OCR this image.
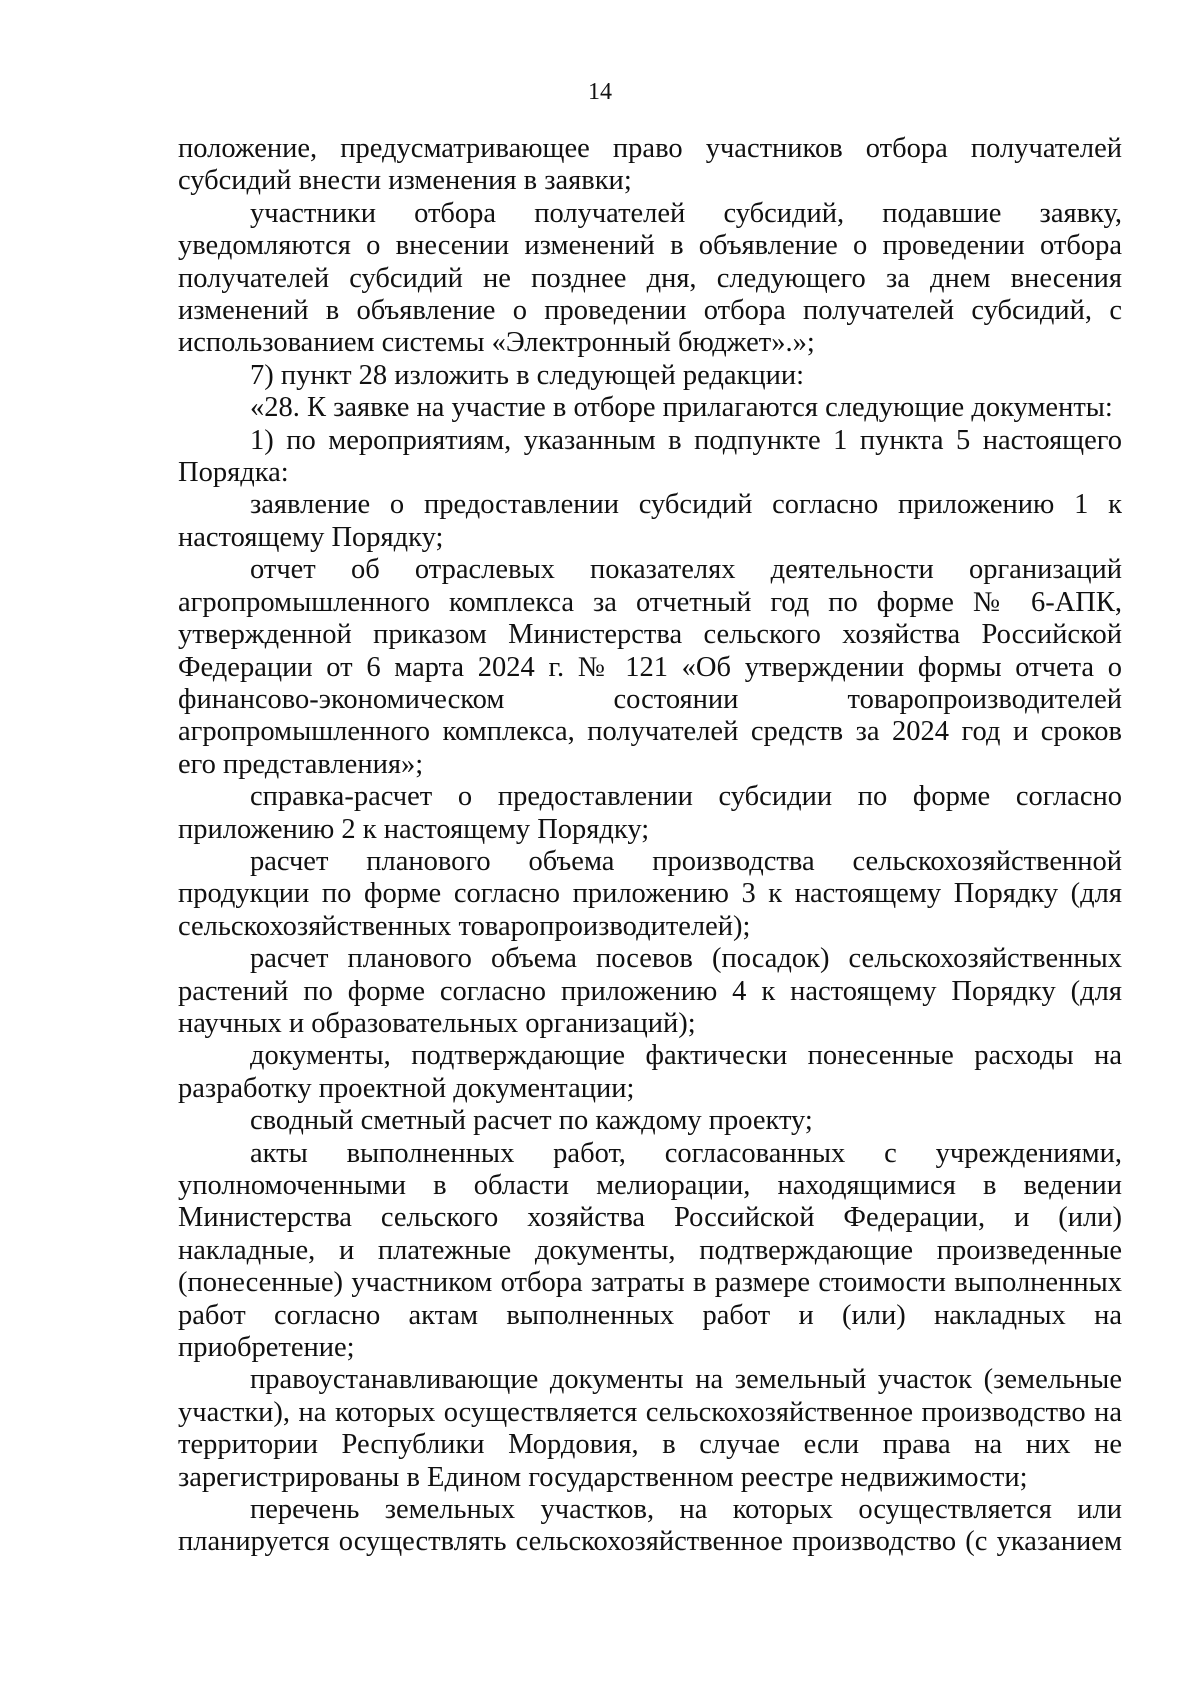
14

положение, предусматривающее право участников отбора получателей субсидий внести изменения в заявки;

участники отбора получателей субсидий, подавшие заявку, уведомляются о внесении изменений в объявление о проведении отбора получателей субсидий не позднее дня, следующего за днем внесения изменений в объявление о проведении отбора получателей субсидий, с использованием системы «Электронный бюджет».»;

7) пункт 28 изложить в следующей редакции:

«28. К заявке на участие в отборе прилагаются следующие документы:

1) по мероприятиям, указанным в подпункте 1 пункта 5 настоящего Порядка:

заявление о предоставлении субсидий согласно приложению 1 к настоящему Порядку;

отчет об отраслевых показателях деятельности организаций агропромышленного комплекса за отчетный год по форме № 6-АПК, утвержденной приказом Министерства сельского хозяйства Российской Федерации от 6 марта 2024 г. № 121 «Об утверждении формы отчета о финансово-экономическом состоянии товаропроизводителей агропромышленного комплекса, получателей средств за 2024 год и сроков его представления»;

справка-расчет о предоставлении субсидии по форме согласно приложению 2 к настоящему Порядку;

расчет планового объема производства сельскохозяйственной продукции по форме согласно приложению 3 к настоящему Порядку (для сельскохозяйственных товаропроизводителей);

расчет планового объема посевов (посадок) сельскохозяйственных растений по форме согласно приложению 4 к настоящему Порядку (для научных и образовательных организаций);

документы, подтверждающие фактически понесенные расходы на разработку проектной документации;

сводный сметный расчет по каждому проекту;

акты выполненных работ, согласованных с учреждениями, уполномоченными в области мелиорации, находящимися в ведении Министерства сельского хозяйства Российской Федерации, и (или) накладные, и платежные документы, подтверждающие произведенные (понесенные) участником отбора затраты в размере стоимости выполненных работ согласно актам выполненных работ и (или) накладных на приобретение;

правоустанавливающие документы на земельный участок (земельные участки), на которых осуществляется сельскохозяйственное производство на территории Республики Мордовия, в случае если права на них не зарегистрированы в Едином государственном реестре недвижимости;

перечень земельных участков, на которых осуществляется или планируется осуществлять сельскохозяйственное производство (с указанием
